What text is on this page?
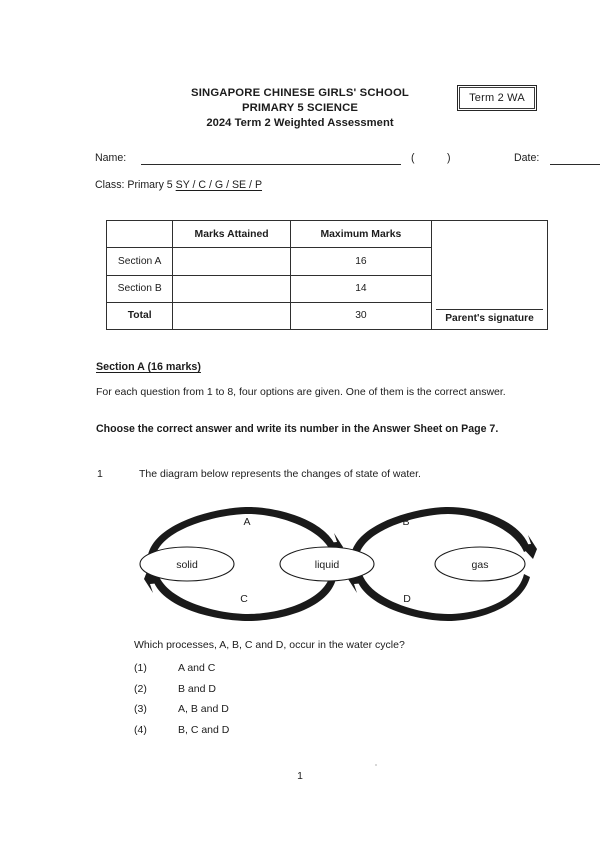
SINGAPORE CHINESE GIRLS' SCHOOL
PRIMARY 5 SCIENCE
2024 Term 2 Weighted Assessment
Term 2 WA
Name:	(	)	Date:
Class: Primary 5 SY / C / G / SE / P
	Marks Attained	Maximum Marks
Section A		16
Section B		14
Total		30	Parent's signature
Section A (16 marks)
For each question from 1 to 8, four options are given. One of them is the correct answer.
Choose the correct answer and write its number in the Answer Sheet on Page 7.
1	The diagram below represents the changes of state of water.
solid	liquid	gas
A	B
C	D
Which processes, A, B, C and D, occur in the water cycle?
(1)	A and C
(2)	B and D
(3)	A, B and D
(4)	B, C and D
1
